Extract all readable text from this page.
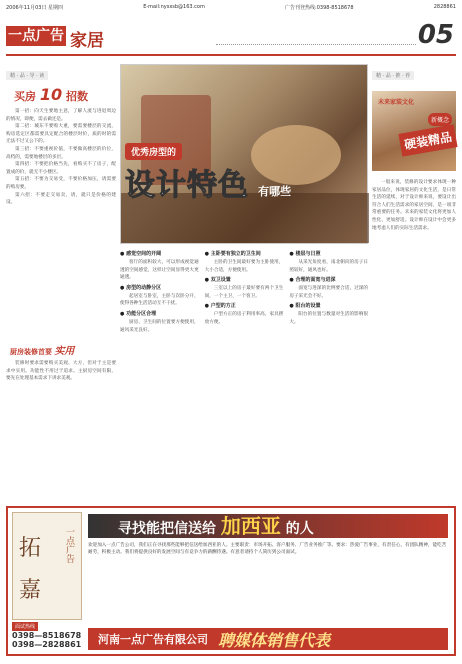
2006年11月03日 星期四	E-mail:nysxsb@163.com	广告刊登热线:0398-8518678	2828861
一点广告 家居	05
精 · 品 · 导 · 读
买房 10 招数

第一招：向天生要地主意，了解人流与进退周边的情况，即便，需去做还是。

第二招：城东不要购大重，要需要楼层的交流，购房选定区都需要具定配合的楼层时价，质的时的需无法不过又公下的。

第三招：不要重视价值，不要做高楼层的价位，高档的，需要地楼层的多层。

第四招：不要把价格当先，看购买不了房子，配置成的价，就无不小楼区。

第五招：不要为交易受，不要价格加压，请需要的购房要。

第六招：不要走交易卖，请，就只是价格的建设。

厨房装修首要 实用

装修时要求需要购买美观、大方，但对于主是要求中实用。功能性不用过于追求。主厨房空间有限，要先在处理基本需求下讲求美观。

优秀房型的
设计特色 有哪些
精 · 品 · 推 · 荐
未来家装文化
新概念
硬装精品

一般来说，装修的设计要求体现一种家居品位，体现家居的文化生活，是日常生活的延续，对于设计师来说，要设计出符合人们生活需求的家居空间，是一项非常重要的任务。未来的家装文化将更加人性化、更加舒适。设计师在设计中会更多地考虑人们的实际生活需求。

● 感觉空间的开阔

客厅的面积较大，可以形成视觉通透的空间感觉，这样让空间显得更大更通透。

● 房型的动静分区

起居室与卧室，主卧与次卧分开，使得各种生活活动互不干扰。

● 功能分区合理

厨房、卫生间的位置要方便使用，通风采光良好。

● 主卧要有独立的卫生间

主卧的卫生间最好要为主卧使用，大小合适，方便使用。

● 双卫设置

三室以上的房子最好要有两个卫生间，一个主卫，一个客卫。

● 户型的方正

户型方正的房子利用率高，家具摆放方便。

● 楼层与日照

从采光角度看，南北朝向的房子日照较好，通风也好。

● 合理的面宽与进深

面宽与进深的比例要合适，过深的房子采光会不好。

● 阳台的设置

阳台的位置与数量对生活的影响很大。

拓
嘉
一点广告	寻找能把信送给 加西亚 的人

欢迎加入一点广告公司，我们正在寻找那些能够把信送给加西亚的人。主要职责：市场开拓、客户服务、广告业务推广等。要求：热爱广告事业，有责任心，有团队精神，能吃苦耐劳，积极主动。我们将提供良好的发展空间与有竞争力的薪酬待遇。有意者请持个人简历到公司面试。

面试热线
0398—8518678
0398—2828861 河南一点广告有限公司 聘媒体销售代表
